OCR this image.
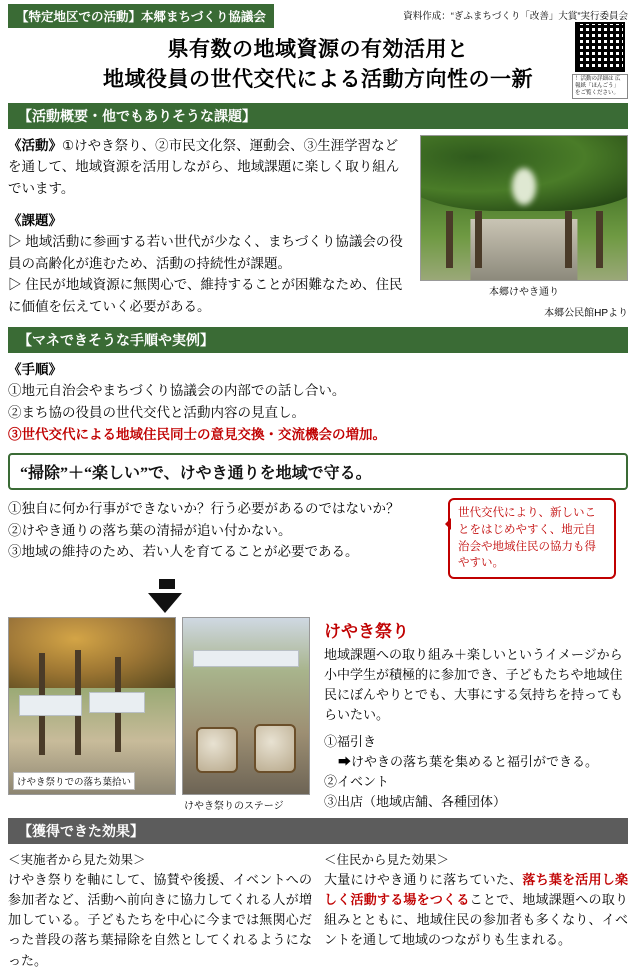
【特定地区での活動】本郷まちづくり協議会	資料作成：“ぎふまちづくり「改善」大賞”実行委員会
！活動の詳細は 広報紙「ほんごう」 をご覧ください。
県有数の地域資源の有効活用と
地域役員の世代交代による活動方向性の一新
【活動概要・他でもありそうな課題】
《活動》①けやき祭り、②市民文化祭、運動会、③生涯学習などを通して、地域資源を活用しながら、地域課題に楽しく取り組んでいます。
《課題》
▷ 地域活動に参画する若い世代が少なく、まちづくり協議会の役員の高齢化が進むため、活動の持続性が課題。
▷ 住民が地域資源に無関心で、維持することが困難なため、住民に価値を伝えていく必要がある。
本郷けやき通り
本郷公民館HPより
【マネできそうな手順や実例】
《手順》
①地元自治会やまちづくり協議会の内部での話し合い。
②まち協の役員の世代交代と活動内容の見直し。
③世代交代による地域住民同士の意見交換・交流機会の増加。
“掃除”＋“楽しい”で、けやき通りを地域で守る。
①独自に何か行事ができないか？行う必要があるのではないか？
②けやき通りの落ち葉の清掃が追い付かない。
③地域の維持のため、若い人を育てることが必要である。
世代交代により、新しいことをはじめやすく、地元自治会や地域住民の協力も得やすい。
けやき祭りでの落ち葉拾い
けやき祭りのステージ
けやき祭り
地域課題への取り組み＋楽しいというイメージから小中学生が積極的に参加でき、子どもたちや地域住民にぼんやりとでも、大事にする気持ちを持ってもらいたい。
①福引き
➡けやきの落ち葉を集めると福引ができる。
②イベント
③出店（地域店舗、各種団体）
【獲得できた効果】
＜実施者から見た効果＞
けやき祭りを軸にして、協賛や後援、イベントへの参加者など、活動へ前向きに協力してくれる人が増加している。子どもたちを中心に今までは無関心だった普段の落ち葉掃除を自然としてくれるようになった。
＜住民から見た効果＞
大量にけやき通りに落ちていた、落ち葉を活用し楽しく活動する場をつくることで、地域課題への取り組みとともに、地域住民の参加者も多くなり、イベントを通して地域のつながりも生まれる。
